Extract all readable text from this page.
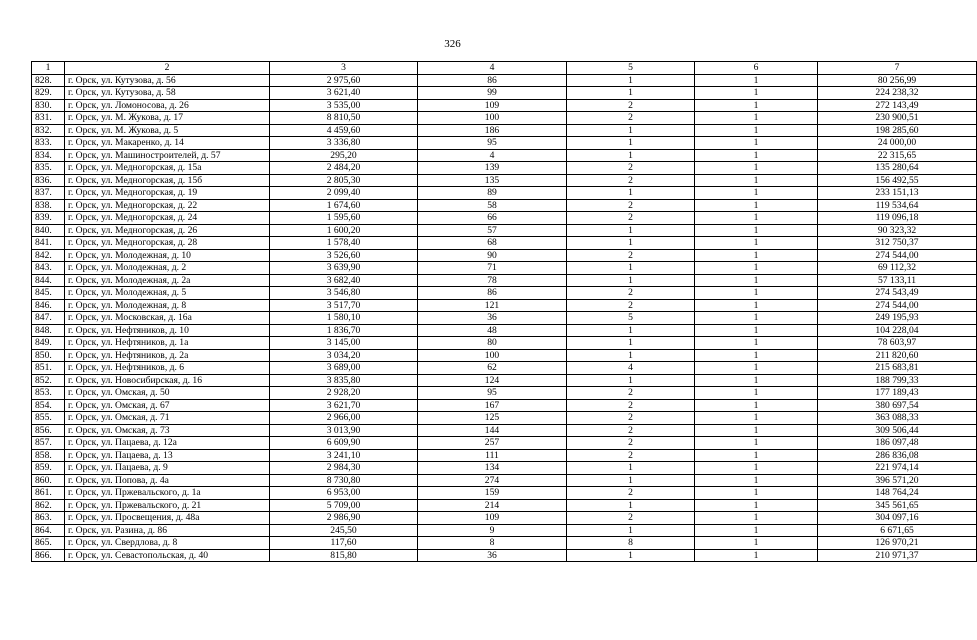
326
1	2	3	4	5	6	7
828.	г. Орск, ул. Кутузова, д. 56	2 975,60	86	1	1	80 256,99
829.	г. Орск, ул. Кутузова, д. 58	3 621,40	99	1	1	224 238,32
830.	г. Орск, ул. Ломоносова, д. 26	3 535,00	109	2	1	272 143,49
831.	г. Орск, ул. М. Жукова, д. 17	8 810,50	100	2	1	230 900,51
832.	г. Орск, ул. М. Жукова, д. 5	4 459,60	186	1	1	198 285,60
833.	г. Орск, ул. Макаренко, д. 14	3 336,80	95	1	1	24 000,00
834.	г. Орск, ул. Машиностроителей, д. 57	295,20	4	1	1	22 315,65
835.	г. Орск, ул. Медногорская, д. 15а	2 484,20	139	2	1	135 280,64
836.	г. Орск, ул. Медногорская, д. 15б	2 805,30	135	2	1	156 492,55
837.	г. Орск, ул. Медногорская, д. 19	2 099,40	89	1	1	233 151,13
838.	г. Орск, ул. Медногорская, д. 22	1 674,60	58	2	1	119 534,64
839.	г. Орск, ул. Медногорская, д. 24	1 595,60	66	2	1	119 096,18
840.	г. Орск, ул. Медногорская, д. 26	1 600,20	57	1	1	90 323,32
841.	г. Орск, ул. Медногорская, д. 28	1 578,40	68	1	1	312 750,37
842.	г. Орск, ул. Молодежная, д. 10	3 526,60	90	2	1	274 544,00
843.	г. Орск, ул. Молодежная, д. 2	3 639,90	71	1	1	69 112,32
844.	г. Орск, ул. Молодежная, д. 2а	3 682,40	78	1	1	57 133,11
845.	г. Орск, ул. Молодежная, д. 5	3 546,80	86	2	1	274 543,49
846.	г. Орск, ул. Молодежная, д. 8	3 517,70	121	2	1	274 544,00
847.	г. Орск, ул. Московская, д. 16а	1 580,10	36	5	1	249 195,93
848.	г. Орск, ул. Нефтяников, д. 10	1 836,70	48	1	1	104 228,04
849.	г. Орск, ул. Нефтяников, д. 1а	3 145,00	80	1	1	78 603,97
850.	г. Орск, ул. Нефтяников, д. 2а	3 034,20	100	1	1	211 820,60
851.	г. Орск, ул. Нефтяников, д. 6	3 689,00	62	4	1	215 683,81
852.	г. Орск, ул. Новосибирская, д. 16	3 835,80	124	1	1	188 799,33
853.	г. Орск, ул. Омская, д. 50	2 928,20	95	2	1	177 189,43
854.	г. Орск, ул. Омская, д. 67	3 621,70	167	2	1	380 697,54
855.	г. Орск, ул. Омская, д. 71	2 966,00	125	2	1	363 088,33
856.	г. Орск, ул. Омская, д. 73	3 013,90	144	2	1	309 506,44
857.	г. Орск, ул. Пацаева, д. 12а	6 609,90	257	2	1	186 097,48
858.	г. Орск, ул. Пацаева, д. 13	3 241,10	111	2	1	286 836,08
859.	г. Орск, ул. Пацаева, д. 9	2 984,30	134	1	1	221 974,14
860.	г. Орск, ул. Попова, д. 4а	8 730,80	274	1	1	396 571,20
861.	г. Орск, ул. Пржевальского, д. 1а	6 953,00	159	2	1	148 764,24
862.	г. Орск, ул. Пржевальского, д. 21	5 709,00	214	1	1	345 561,65
863.	г. Орск, ул. Просвещения, д. 48а	2 986,90	109	2	1	304 097,16
864.	г. Орск, ул. Разина, д. 86	245,50	9	1	1	6 671,65
865.	г. Орск, ул. Свердлова, д. 8	117,60	8	8	1	126 970,21
866.	г. Орск, ул. Севастопольская, д. 40	815,80	36	1	1	210 971,37
